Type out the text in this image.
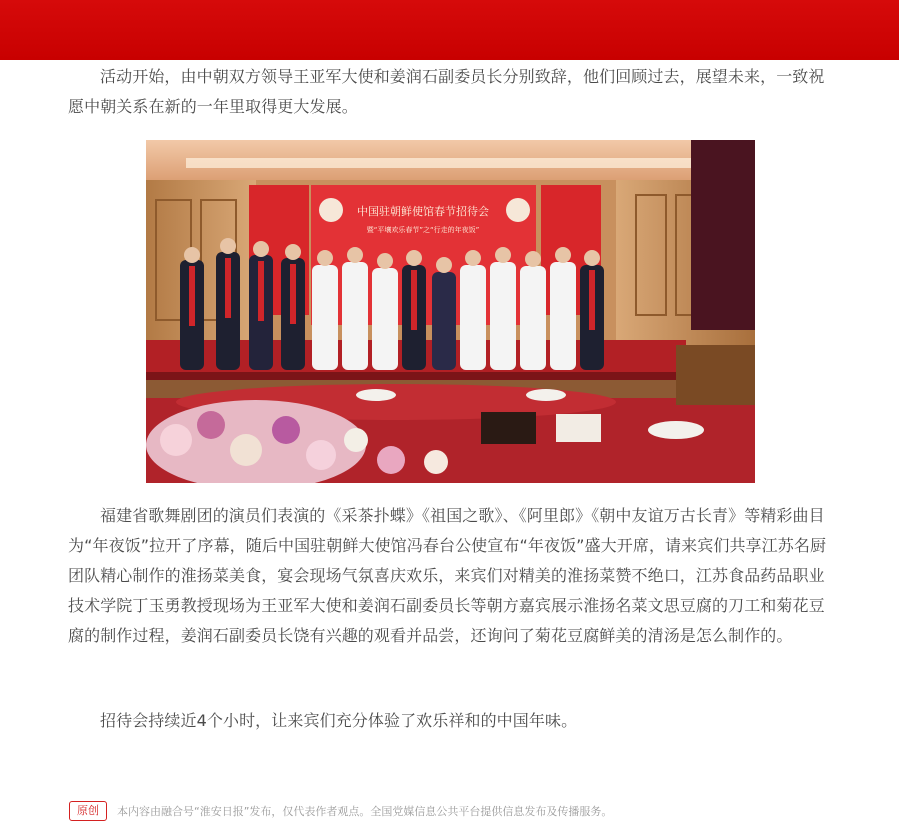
活动开始，由中朝双方领导王亚军大使和姜润石副委员长分别致辞，他们回顾过去，展望未来，一致祝愿中朝关系在新的一年里取得更大发展。

福建省歌舞剧团的演员们表演的《采茶扑蝶》《祖国之歌》、《阿里郎》《朝中友谊万古长青》等精彩曲目为“年夜饭”拉开了序幕，随后中国驻朝鲜大使馆冯春台公使宣布“年夜饭”盛大开席，请来宾们共享江苏名厨团队精心制作的淮扬菜美食，宴会现场气氛喜庆欢乐，来宾们对精美的淮扬菜赞不绝口，江苏食品药品职业技术学院丁玉勇教授现场为王亚军大使和姜润石副委员长等朝方嘉宾展示淮扬名菜文思豆腐的刀工和菊花豆腐的制作过程，姜润石副委员长饶有兴趣的观看并品尝，还询问了菊花豆腐鲜美的清汤是怎么制作的。

招待会持续近4个小时，让来宾们充分体验了欢乐祥和的中国年味。

中国驻朝鲜使馆春节招待会
暨“平壤欢乐春节”之“行走的年夜饭”
原创	本内容由融合号“淮安日报”发布，仅代表作者观点。全国党媒信息公共平台提供信息发布及传播服务。
